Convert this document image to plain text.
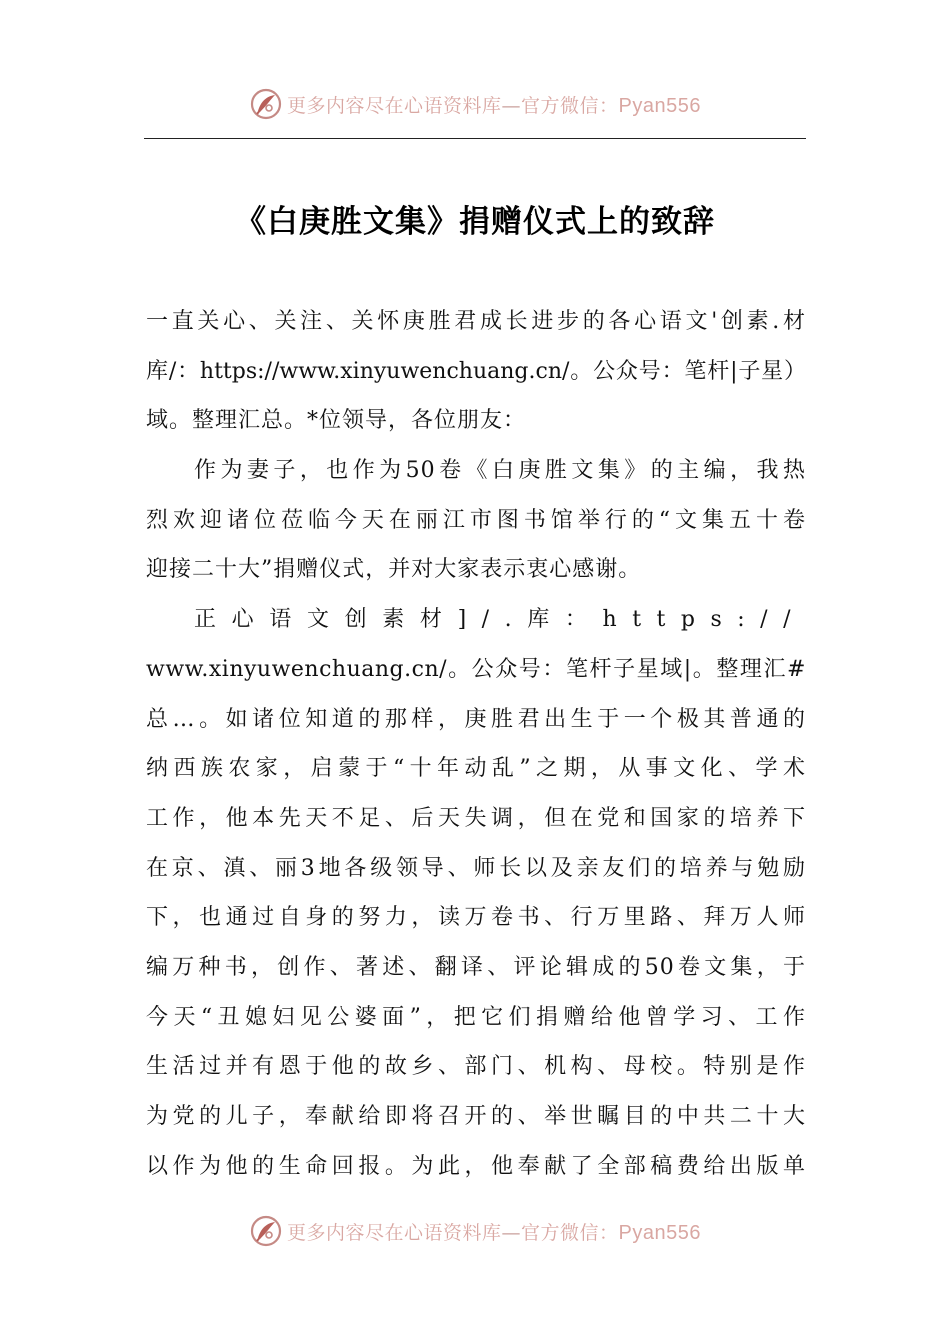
更多内容尽在心语资料库—官方微信：Pyan556
《白庚胜文集》捐赠仪式上的致辞
一直关心、关注、关怀庚胜君成长进步的各心语文'创素.材
库/：https://www.xinyuwenchuang.cn/。公众号：笔杆|子星）
域。整理汇总。*位领导，各位朋友：
作为妻子，也作为50卷《白庚胜文集》的主编，我热
烈欢迎诸位莅临今天在丽江市图书馆举行的“文集五十卷
迎接二十大”捐赠仪式，并对大家表示衷心感谢。
正心语文创素材]/.库：https://
www.xinyuwenchuang.cn/。公众号：笔杆子星域|。整理汇#
总…。如诸位知道的那样，庚胜君出生于一个极其普通的
纳西族农家，启蒙于“十年动乱”之期，从事文化、学术
工作，他本先天不足、后天失调，但在党和国家的培养下
在京、滇、丽3地各级领导、师长以及亲友们的培养与勉励
下，也通过自身的努力，读万卷书、行万里路、拜万人师
编万种书，创作、著述、翻译、评论辑成的50卷文集，于
今天“丑媳妇见公婆面”，把它们捐赠给他曾学习、工作
生活过并有恩于他的故乡、部门、机构、母校。特别是作
为党的儿子，奉献给即将召开的、举世瞩目的中共二十大
以作为他的生命回报。为此，他奉献了全部稿费给出版单
更多内容尽在心语资料库—官方微信：Pyan556
